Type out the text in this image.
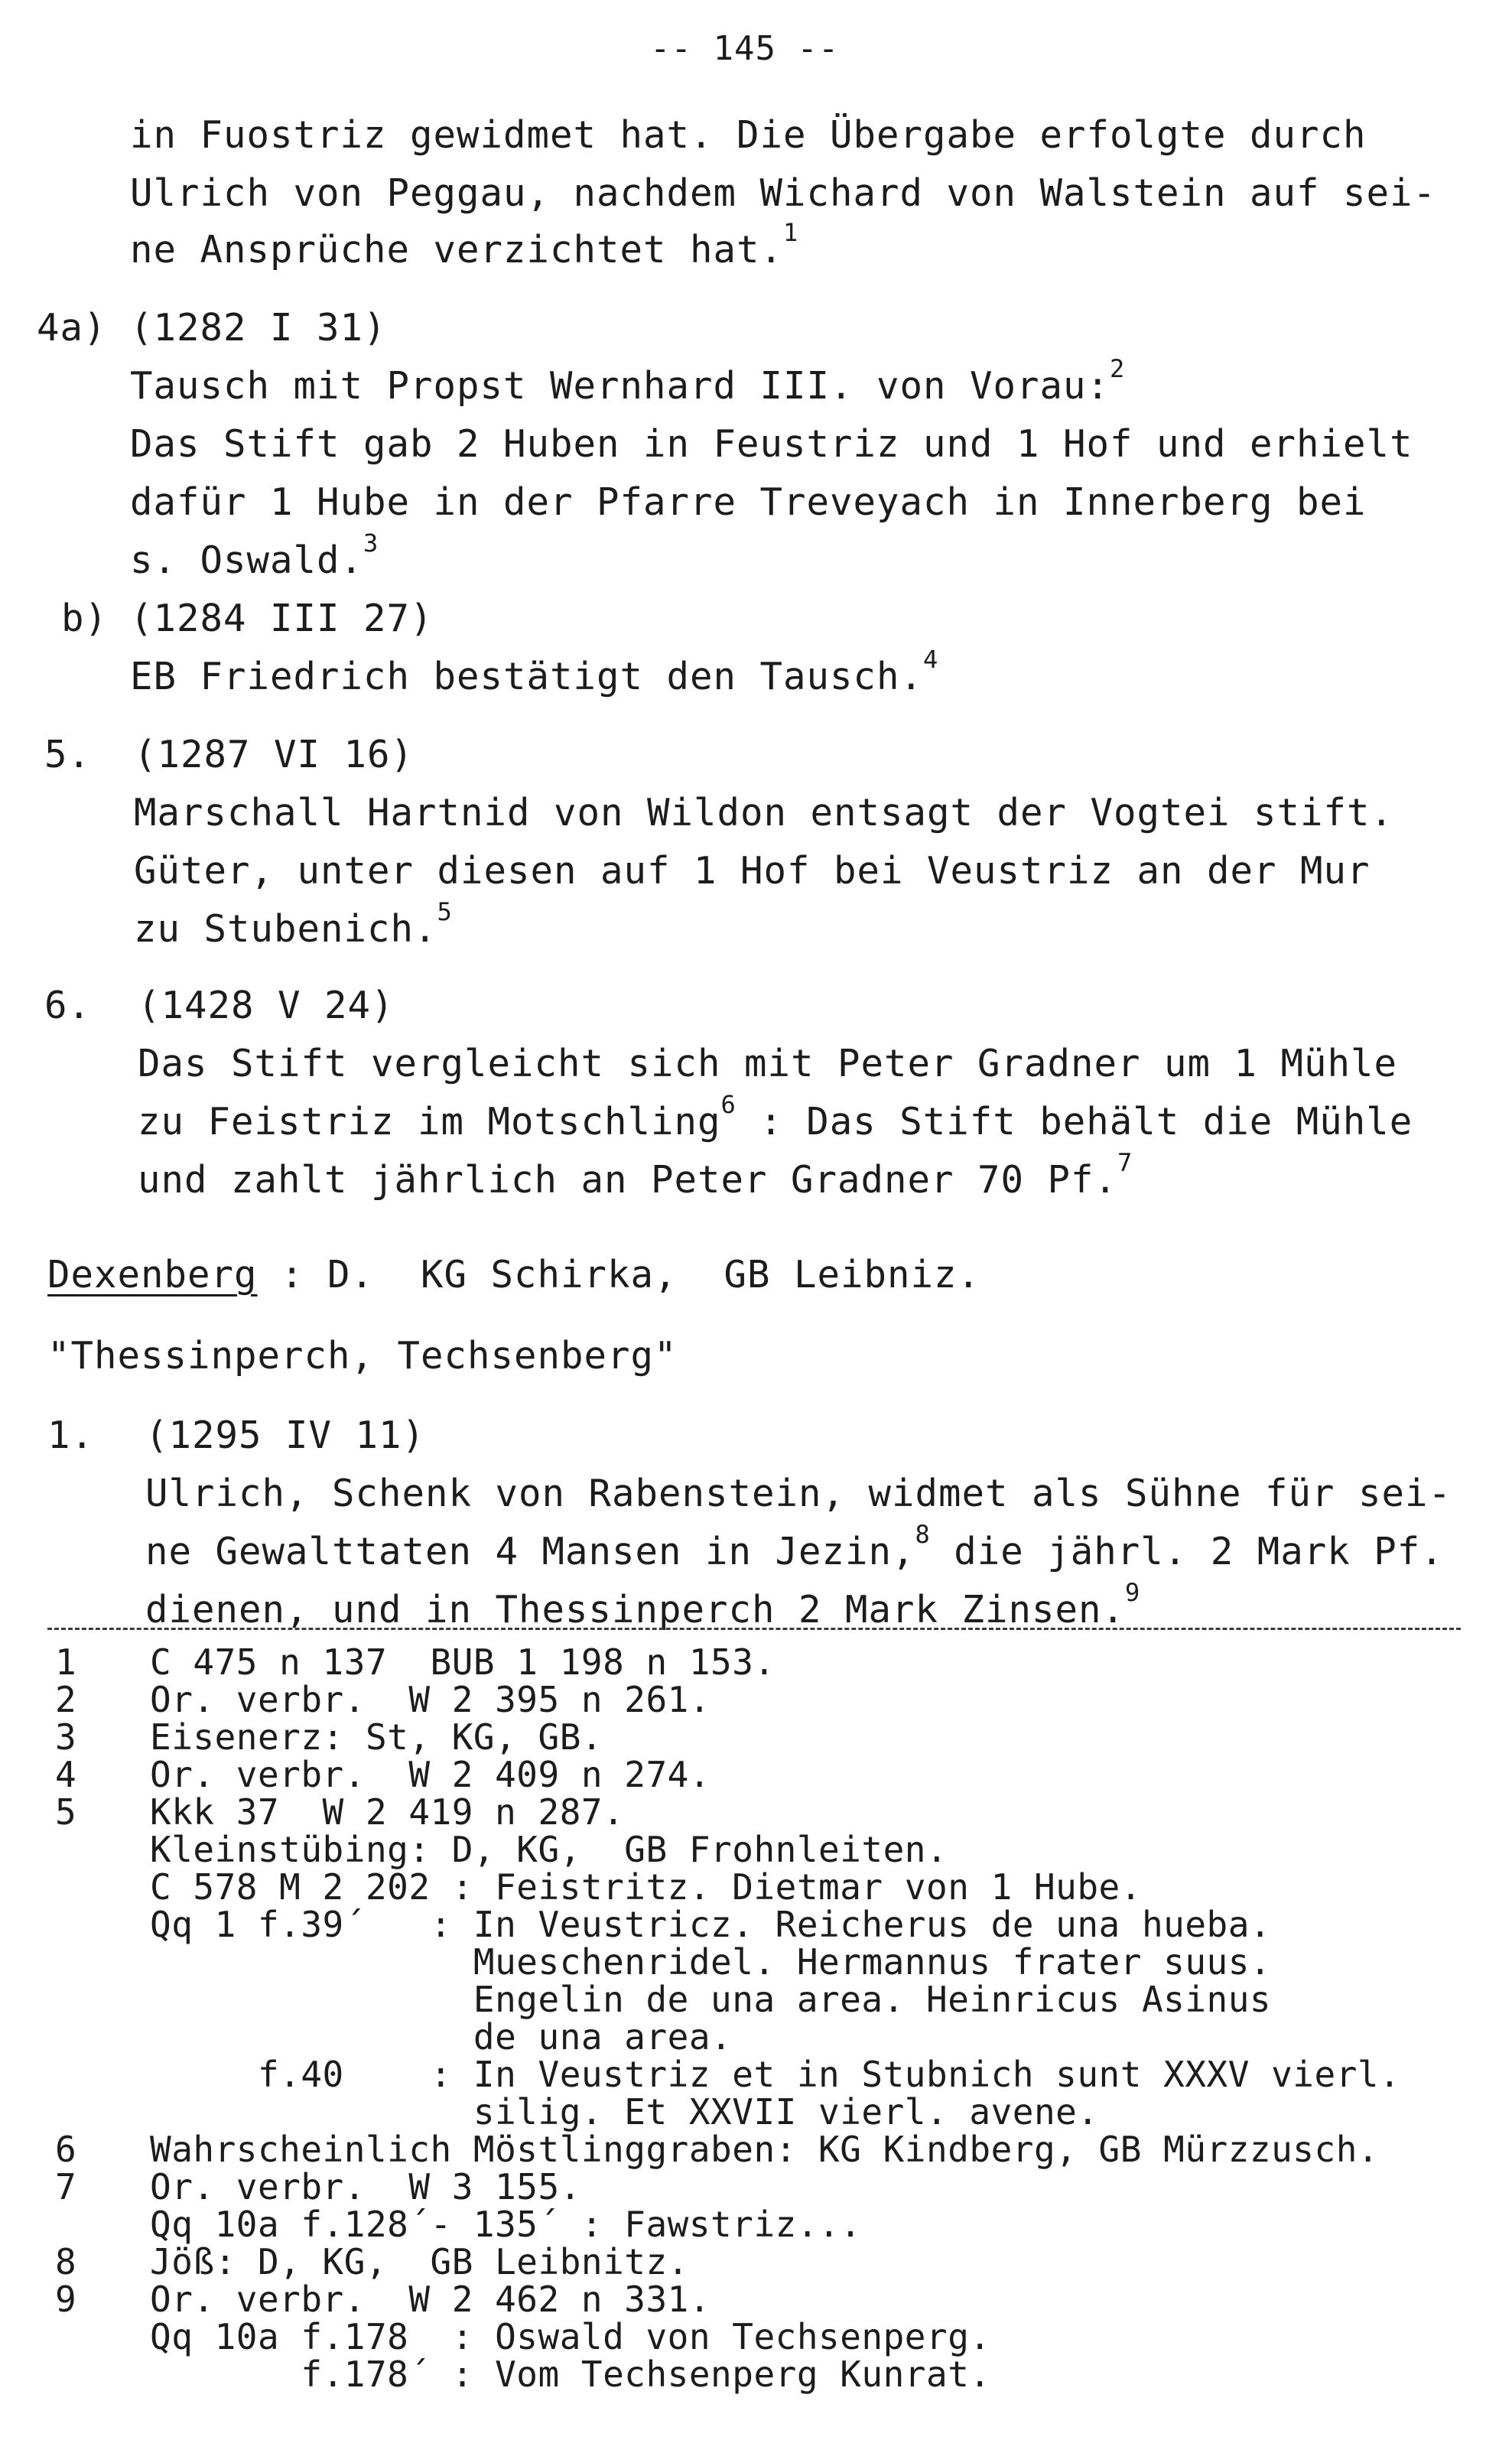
-- 145 --
in Fuostriz gewidmet hat. Die Übergabe erfolgte durch
Ulrich von Peggau, nachdem Wichard von Walstein auf sei-
ne Ansprüche verzichtet hat.$^1$
4a) (1282 I 31)
Tausch mit Propst Wernhard III. von Vorau:$^2$
Das Stift gab 2 Huben in Feustriz und 1 Hof und erhielt
dafür 1 Hube in der Pfarre Treveyach in Innerberg bei
s. Oswald.$^3$
b) (1284 III 27)
EB Friedrich bestätigt den Tausch.$^4$
5. (1287 VI 16)
Marschall Hartnid von Wildon entsagt der Vogtei stift.
Güter, unter diesen auf 1 Hof bei Veustriz an der Mur
zu Stubenich.$^5$
6. (1428 V 24)
Das Stift vergleicht sich mit Peter Gradner um 1 Mühle
zu Feistriz im Motschling$^6$ : Das Stift behält die Mühle
und zahlt jährlich an Peter Gradner 70 Pf.$^7$
Dexenberg : D.  KG Schirka,  GB Leibniz.
"Thessinperch, Techsenberg"
1. (1295 IV 11)
Ulrich, Schenk von Rabenstein, widmet als Sühne für sei-
ne Gewalttaten 4 Mansen in Jezin,$^8$ die jährl. 2 Mark Pf.
dienen, und in Thessinperch 2 Mark Zinsen.$^9$
1 C 475 n 137  BUB 1 198 n 153.
2 Or. verbr.  W 2 395 n 261.
3 Eisenerz: St, KG, GB.
4 Or. verbr.  W 2 409 n 274.
5 Kkk 37  W 2 419 n 287.
Kleinstübing: D, KG,  GB Frohnleiten.
C 578 M 2 202 : Feistritz. Dietmar von 1 Hube.
Qq 1 f.39´   : In Veustricz. Reicherus de una hueba.
Mueschenridel. Hermannus frater suus.
Engelin de una area. Heinricus Asinus
de una area.
f.40    : In Veustriz et in Stubnich sunt XXXV vierl.
silig. Et XXVII vierl. avene.
6 Wahrscheinlich Möstlinggraben: KG Kindberg, GB Mürzzusch.
7 Or. verbr.  W 3 155.
Qq 10a f.128´- 135´ : Fawstriz...
8 Jöß: D, KG,  GB Leibnitz.
9 Or. verbr.  W 2 462 n 331.
Qq 10a f.178  : Oswald von Techsenperg.
f.178´ : Vom Techsenperg Kunrat.
